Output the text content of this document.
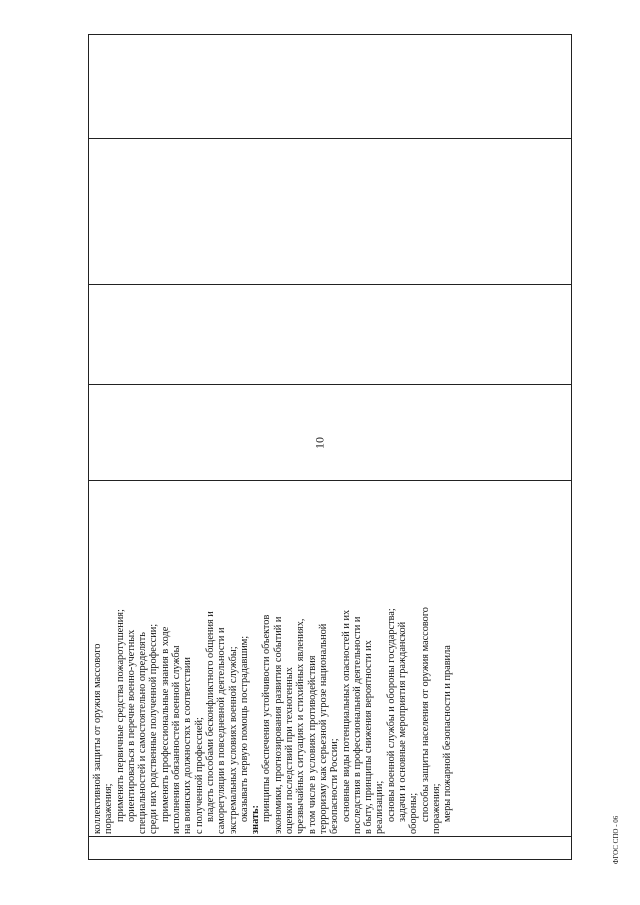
10

коллективной защиты от оружия массового поражения; применять первичные средства пожаротушения; ориентироваться в перечне военно-учетных специальностей и самостоятельно определять среди них родственные полученной профессии; применять профессиональные знания в ходе исполнения обязанностей военной службы на воинских должностях в соответствии с полученной профессией; владеть способами бесконфликтного общения и саморегуляции в повседневной деятельности и экстремальных условиях военной службы; оказывать первую помощь пострадавшим; знать: принципы обеспечения устойчивости объектов экономики, прогнозирования развития событий и оценки последствий при техногенных чрезвычайных ситуациях и стихийных явлениях, в том числе в условиях противодействия терроризму как серьезной угрозе национальной безопасности России; основные виды потенциальных опасностей и их последствия в профессиональной деятельности и в быту, принципы снижения вероятности их реализации; основы военной службы и обороны государства; задачи и основные мероприятия гражданской обороны; способы защиты населения от оружия массового поражения; меры пожарной безопасности и правила

ФГОС СПО - 06
